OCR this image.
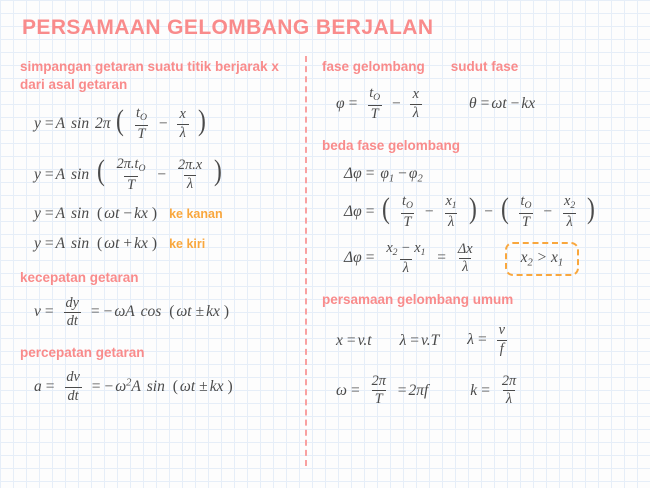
PERSAMAAN GELOMBANG BERJALAN
simpangan getaran suatu titik berjarak x dari asal getaran
y = A sin 2π ( $\frac{t_O}{T} - \frac{x}{\lambda}$ )
y = A sin ( $\frac{2\pi.t_O}{T} - \frac{2\pi.x}{\lambda}$ )
y = A sin ( ωt − kx ) ke kanan
y = A sin ( ωt + kx ) ke kiri
kecepatan getaran
$v = \frac{dy}{dt}$ = − ωA cos ( ωt ± kx )
percepatan getaran
$a = \frac{dv}{dt}$ = − $\omega^2A$ sin ( ωt ± kx )
fase gelombang sudut fase
$\varphi = \frac{t_O}{T} - \frac{x}{\lambda}$	θ = ωt − kx
beda fase gelombang
$\Delta\varphi = \varphi_1 - \varphi_2$
Δφ = ( $\frac{t_O}{T} - \frac{x_1}{\lambda}$ ) − ( $\frac{t_O}{T} - \frac{x_2}{\lambda}$ )
$\Delta\varphi = \frac{x_2 - x_1}{\lambda} = \frac{\Delta x}{\lambda}$	$x_2 > x_1$
persamaan gelombang umum
x = v.t λ = v.T $\lambda = \frac{v}{f}$
$\omega = \frac{2\pi}{T} = 2\pi f$	$k = \frac{2\pi}{\lambda}$
